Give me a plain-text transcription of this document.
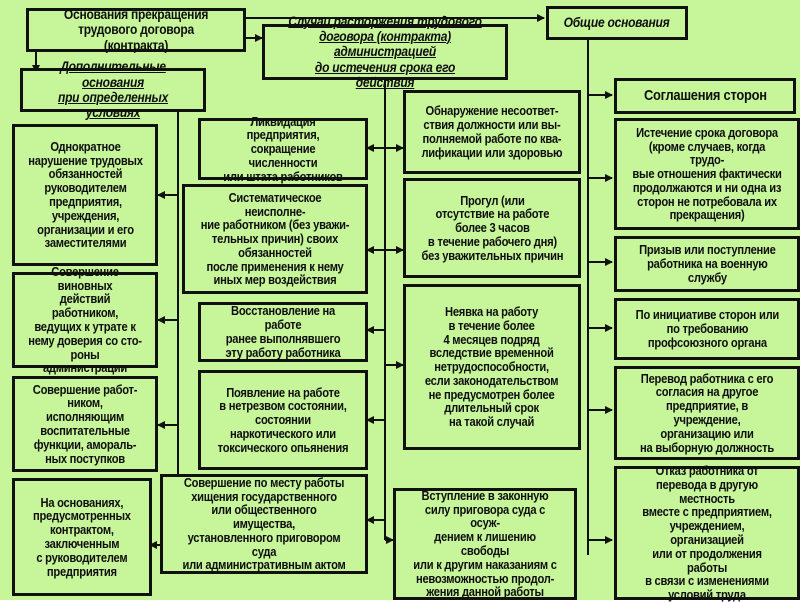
Основания прекращения
трудового договора (контракта)
Общие основания
Случаи расторжения трудового
договора (контракта) администрацией
до истечения срока его действия
Дополнительные основания
при определенных условиях
Соглашения сторон
Истечение срока договора
(кроме случаев, когда трудо-
вые отношения фактически
продолжаются и ни одна из
сторон не потребовала их
прекращения)
Призыв или поступление
работника на военную
службу
По инициативе сторон или
по требованию
профсоюзного органа
Перевод работника с его
согласия на другое
предприятие, в учреждение,
организацию или
на выборную должность
Отказ работника от
перевода в другую местность
вместе с предприятием,
учреждением, организацией
или от продолжения работы
в связи с изменениями
условий труда
Ликвидация предприятия,
сокращение численности
или штата работников
Систематическое неисполне-
ние работником (без уважи-
тельных причин) своих
обязанностей
после применения к нему
иных мер воздействия
Восстановление на работе
ранее выполнявшего
эту работу работника
Появление на работе
в нетрезвом состоянии,
состоянии
наркотического или
токсического опьянения
Совершение по месту работы
хищения государственного
или общественного имущества,
установленного приговором суда
или административным актом
Обнаружение несоответ-
ствия должности или вы-
полняемой работе по ква-
лификации или здоровью
Прогул (или
отсутствие на работе
более 3 часов
в течение рабочего дня)
без уважительных причин
Неявка на работу
в течение более
4 месяцев подряд
вследствие временной
нетрудоспособности,
если законодательством
не предусмотрен более
длительный срок
на такой случай
Вступление в законную
силу приговора суда с осуж-
дением к лишению свободы
или к другим наказаниям с
невозможностью продол-
жения данной работы
Однократное
нарушение трудовых
обязанностей
руководителем
предприятия,
учреждения,
организации и его
заместителями
Совершение виновных
действий работником,
ведущих к утрате к
нему доверия со сто-
роны администрации
Совершение работ-
ником, исполняющим
воспитательные
функции, амораль-
ных поступков
На основаниях,
предусмотренных
контрактом,
заключенным
с руководителем
предприятия
